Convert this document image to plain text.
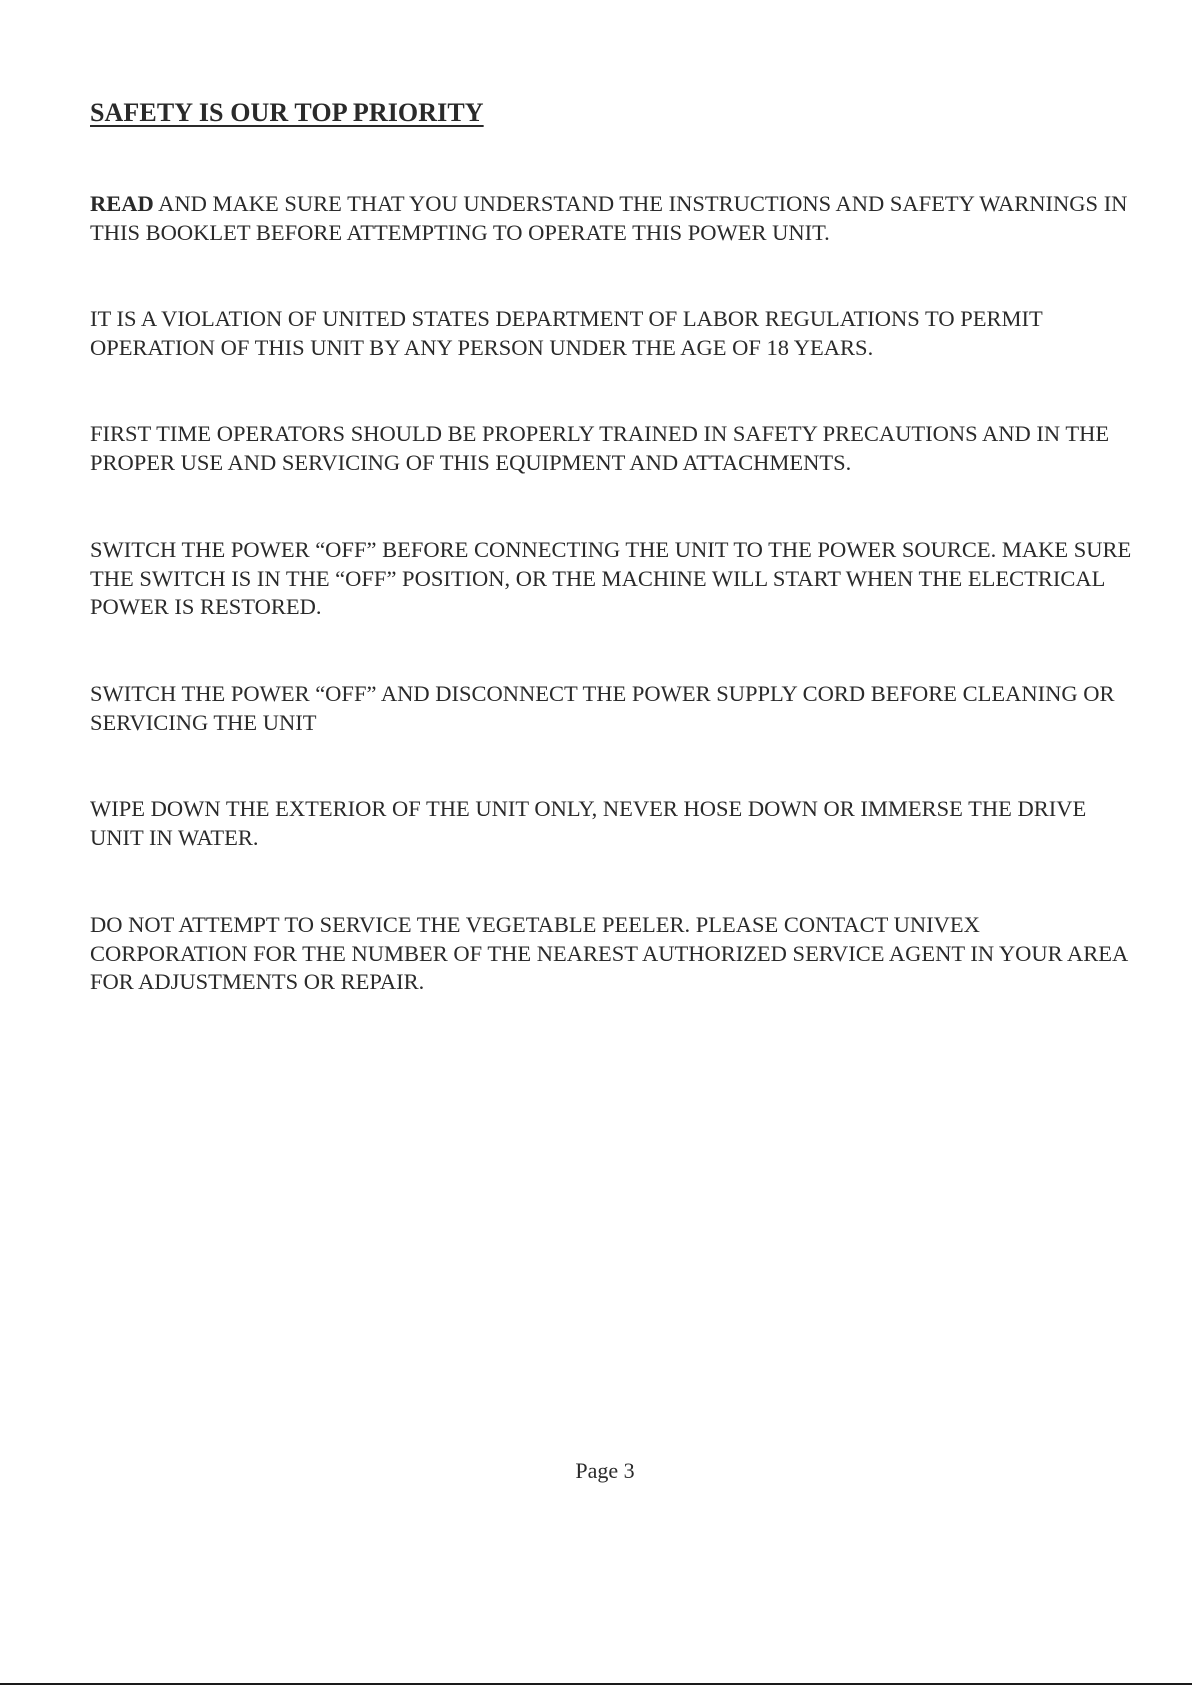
SAFETY IS OUR TOP PRIORITY

READ AND MAKE SURE THAT YOU UNDERSTAND THE INSTRUCTIONS AND SAFETY WARNINGS IN THIS BOOKLET BEFORE ATTEMPTING TO OPERATE THIS POWER UNIT.

IT IS A VIOLATION OF UNITED STATES DEPARTMENT OF LABOR REGULATIONS TO PERMIT OPERATION OF THIS UNIT BY ANY PERSON UNDER THE AGE OF 18 YEARS.

FIRST TIME OPERATORS SHOULD BE PROPERLY TRAINED IN SAFETY PRECAUTIONS AND IN THE PROPER USE AND SERVICING OF THIS EQUIPMENT AND ATTACHMENTS.

SWITCH THE POWER “OFF” BEFORE CONNECTING THE UNIT TO THE POWER SOURCE. MAKE SURE THE SWITCH IS IN THE “OFF” POSITION, OR THE MACHINE WILL START WHEN THE ELECTRICAL POWER IS RESTORED.

SWITCH THE POWER “OFF” AND DISCONNECT THE POWER SUPPLY CORD BEFORE CLEANING OR SERVICING THE UNIT

WIPE DOWN THE EXTERIOR OF THE UNIT ONLY, NEVER HOSE DOWN OR IMMERSE THE DRIVE UNIT IN WATER.

DO NOT ATTEMPT TO SERVICE THE VEGETABLE PEELER. PLEASE CONTACT UNIVEX CORPORATION FOR THE NUMBER OF THE NEAREST AUTHORIZED SERVICE AGENT IN YOUR AREA FOR ADJUSTMENTS OR REPAIR.

Page 3
